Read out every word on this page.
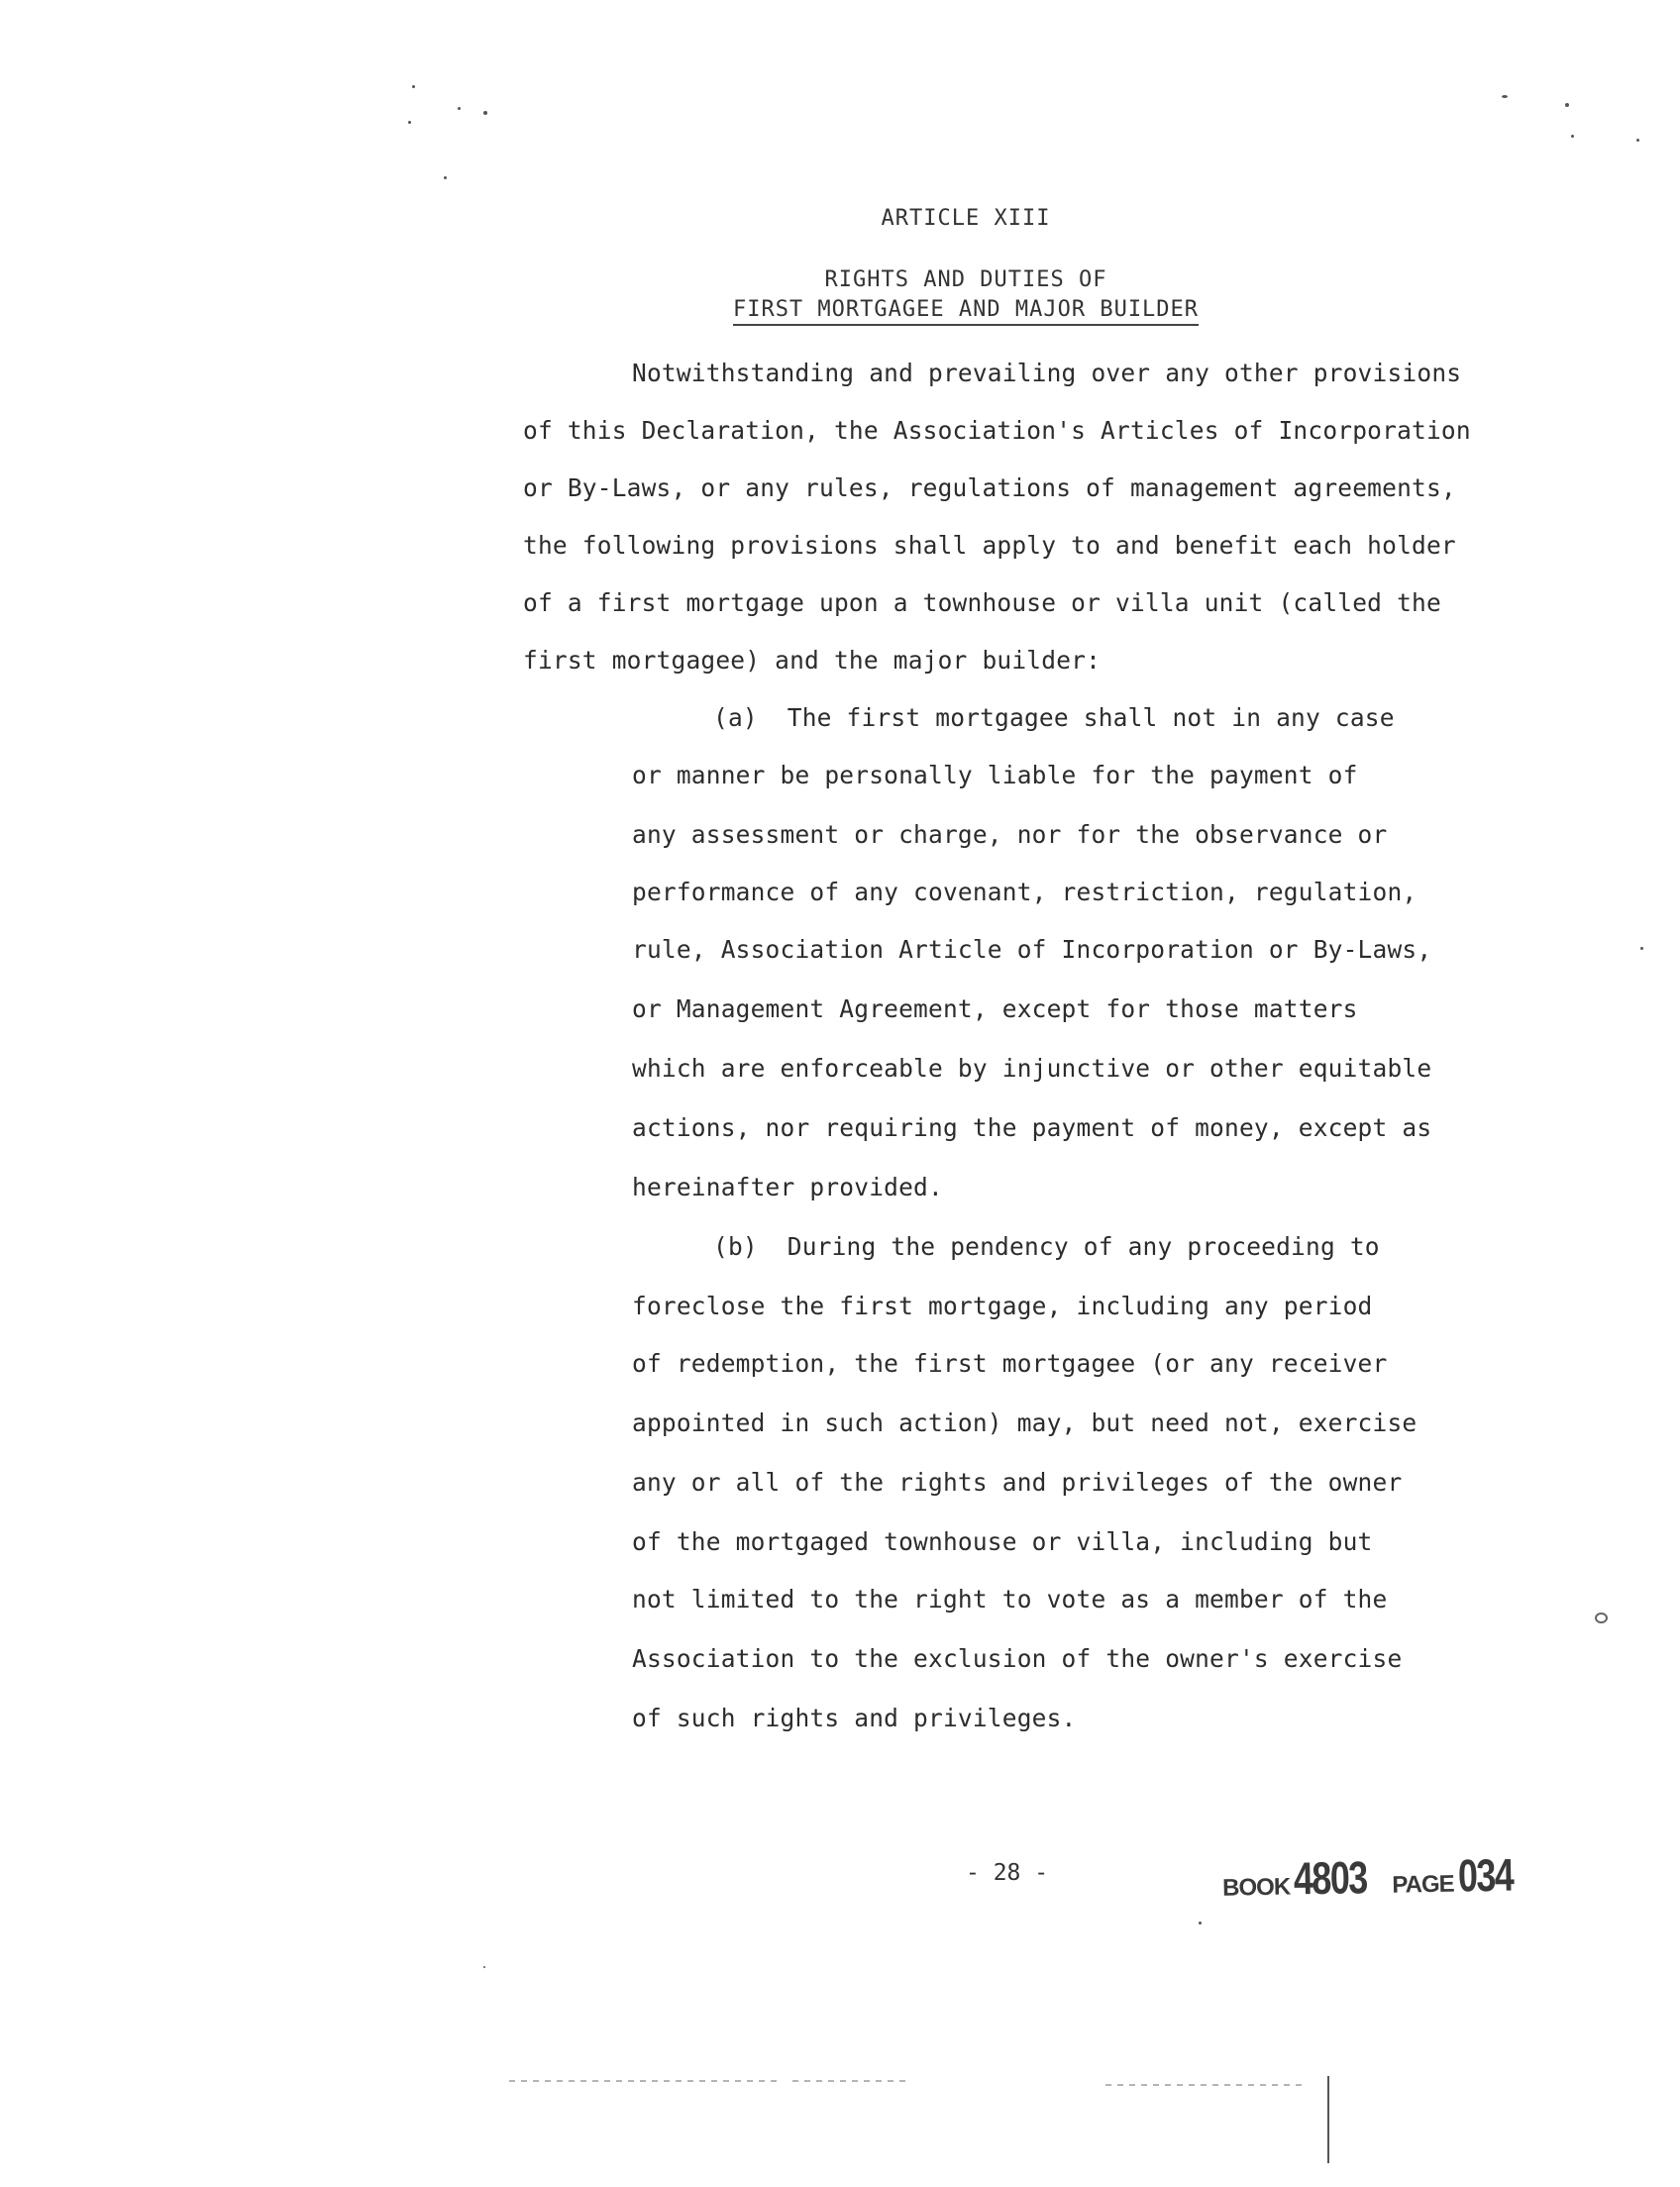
ARTICLE XIII
RIGHTS AND DUTIES OF
FIRST MORTGAGEE AND MAJOR BUILDER
Notwithstanding and prevailing over any other provisions
of this Declaration, the Association's Articles of Incorporation
or By-Laws, or any rules, regulations of management agreements,
the following provisions shall apply to and benefit each holder
of a first mortgage upon a townhouse or villa unit (called the
first mortgagee) and the major builder:
(a)  The first mortgagee shall not in any case
or manner be personally liable for the payment of
any assessment or charge, nor for the observance or
performance of any covenant, restriction, regulation,
rule, Association Article of Incorporation or By-Laws,
or Management Agreement, except for those matters
which are enforceable by injunctive or other equitable
actions, nor requiring the payment of money, except as
hereinafter provided.
(b)  During the pendency of any proceeding to
foreclose the first mortgage, including any period
of redemption, the first mortgagee (or any receiver
appointed in such action) may, but need not, exercise
any or all of the rights and privileges of the owner
of the mortgaged townhouse or villa, including but
not limited to the right to vote as a member of the
Association to the exclusion of the owner's exercise
of such rights and privileges.
- 28 -
BOOK 4803 PAGE 034
